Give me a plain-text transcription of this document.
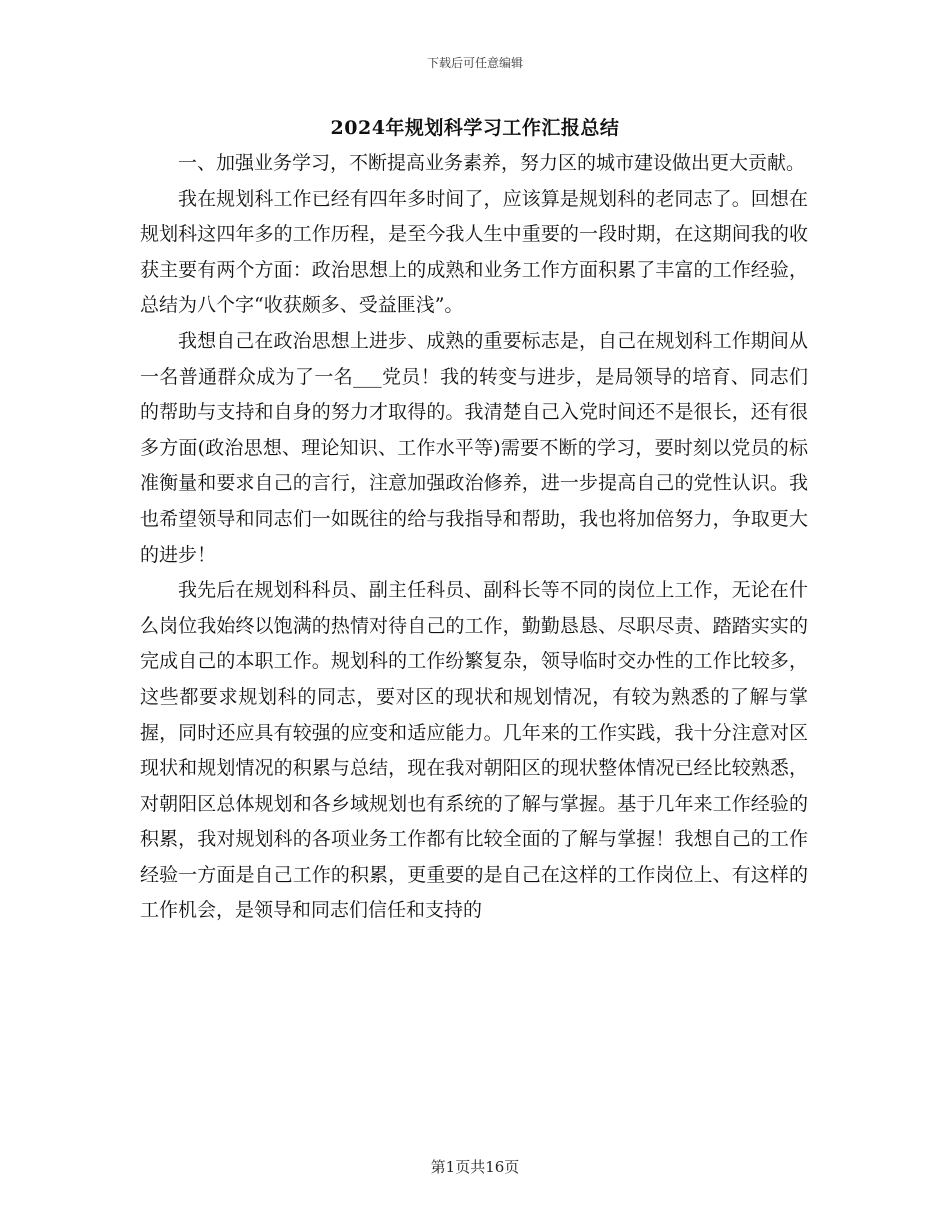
下载后可任意编辑
2024年规划科学习工作汇报总结

一、加强业务学习，不断提高业务素养，努力区的城市建设做出更大贡献。

我在规划科工作已经有四年多时间了，应该算是规划科的老同志了。回想在规划科这四年多的工作历程，是至今我人生中重要的一段时期，在这期间我的收获主要有两个方面：政治思想上的成熟和业务工作方面积累了丰富的工作经验，总结为八个字“收获颇多、受益匪浅”。

我想自己在政治思想上进步、成熟的重要标志是，自己在规划科工作期间从一名普通群众成为了一名___党员！我的转变与进步，是局领导的培育、同志们的帮助与支持和自身的努力才取得的。我清楚自己入党时间还不是很长，还有很多方面(政治思想、理论知识、工作水平等)需要不断的学习，要时刻以党员的标准衡量和要求自己的言行，注意加强政治修养，进一步提高自己的党性认识。我也希望领导和同志们一如既往的给与我指导和帮助，我也将加倍努力，争取更大的进步！

我先后在规划科科员、副主任科员、副科长等不同的岗位上工作，无论在什么岗位我始终以饱满的热情对待自己的工作，勤勤恳恳、尽职尽责、踏踏实实的完成自己的本职工作。规划科的工作纷繁复杂，领导临时交办性的工作比较多，这些都要求规划科的同志，要对区的现状和规划情况，有较为熟悉的了解与掌握，同时还应具有较强的应变和适应能力。几年来的工作实践，我十分注意对区现状和规划情况的积累与总结，现在我对朝阳区的现状整体情况已经比较熟悉，对朝阳区总体规划和各乡域规划也有系统的了解与掌握。基于几年来工作经验的积累，我对规划科的各项业务工作都有比较全面的了解与掌握！我想自己的工作经验一方面是自己工作的积累，更重要的是自己在这样的工作岗位上、有这样的工作机会，是领导和同志们信任和支持的

第1页共16页
